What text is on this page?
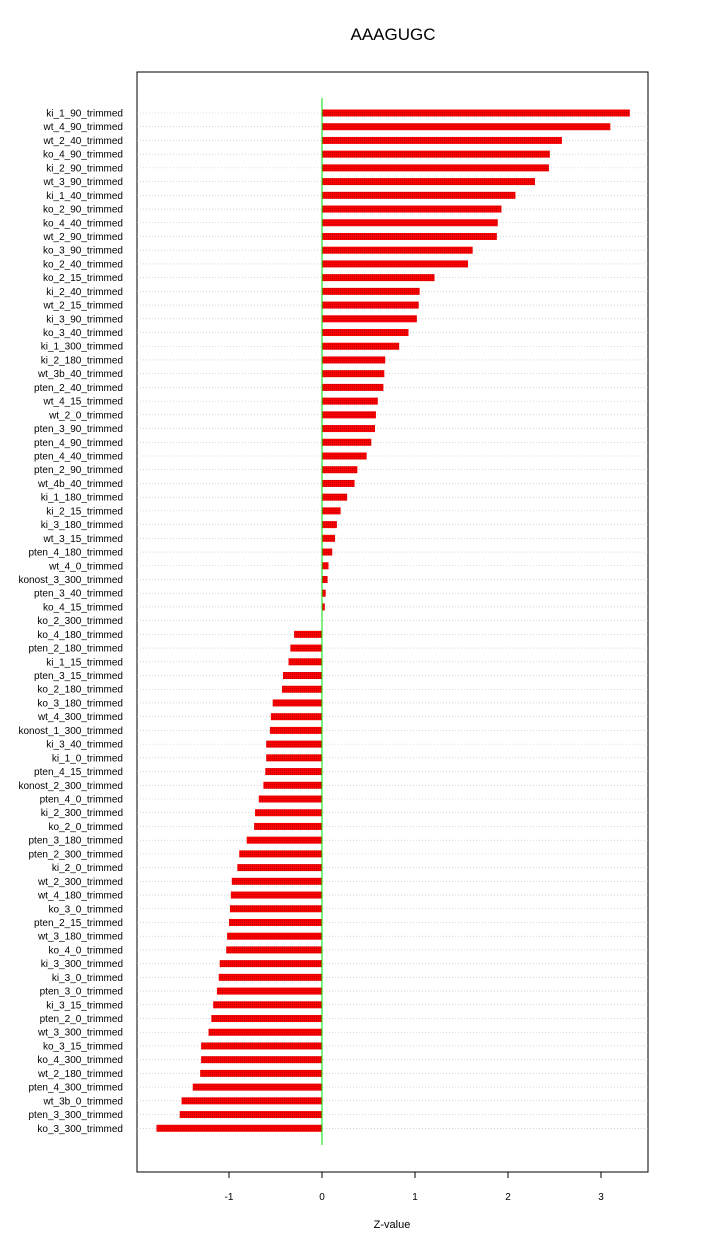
AAAGUGC
ki_1_90_trimmed
wt_4_90_trimmed
wt_2_40_trimmed
ko_4_90_trimmed
ki_2_90_trimmed
wt_3_90_trimmed
ki_1_40_trimmed
ko_2_90_trimmed
ko_4_40_trimmed
wt_2_90_trimmed
ko_3_90_trimmed
ko_2_40_trimmed
ko_2_15_trimmed
ki_2_40_trimmed
wt_2_15_trimmed
ki_3_90_trimmed
ko_3_40_trimmed
ki_1_300_trimmed
ki_2_180_trimmed
wt_3b_40_trimmed
pten_2_40_trimmed
wt_4_15_trimmed
wt_2_0_trimmed
pten_3_90_trimmed
pten_4_90_trimmed
pten_4_40_trimmed
pten_2_90_trimmed
wt_4b_40_trimmed
ki_1_180_trimmed
ki_2_15_trimmed
ki_3_180_trimmed
wt_3_15_trimmed
pten_4_180_trimmed
wt_4_0_trimmed
konost_3_300_trimmed
pten_3_40_trimmed
ko_4_15_trimmed
ko_2_300_trimmed
ko_4_180_trimmed
pten_2_180_trimmed
ki_1_15_trimmed
pten_3_15_trimmed
ko_2_180_trimmed
ko_3_180_trimmed
wt_4_300_trimmed
konost_1_300_trimmed
ki_3_40_trimmed
ki_1_0_trimmed
pten_4_15_trimmed
konost_2_300_trimmed
pten_4_0_trimmed
ki_2_300_trimmed
ko_2_0_trimmed
pten_3_180_trimmed
pten_2_300_trimmed
ki_2_0_trimmed
wt_2_300_trimmed
wt_4_180_trimmed
ko_3_0_trimmed
pten_2_15_trimmed
wt_3_180_trimmed
ko_4_0_trimmed
ki_3_300_trimmed
ki_3_0_trimmed
pten_3_0_trimmed
ki_3_15_trimmed
pten_2_0_trimmed
wt_3_300_trimmed
ko_3_15_trimmed
ko_4_300_trimmed
wt_2_180_trimmed
pten_4_300_trimmed
wt_3b_0_trimmed
pten_3_300_trimmed
ko_3_300_trimmed
-1	0	1	2	3
Z-value
